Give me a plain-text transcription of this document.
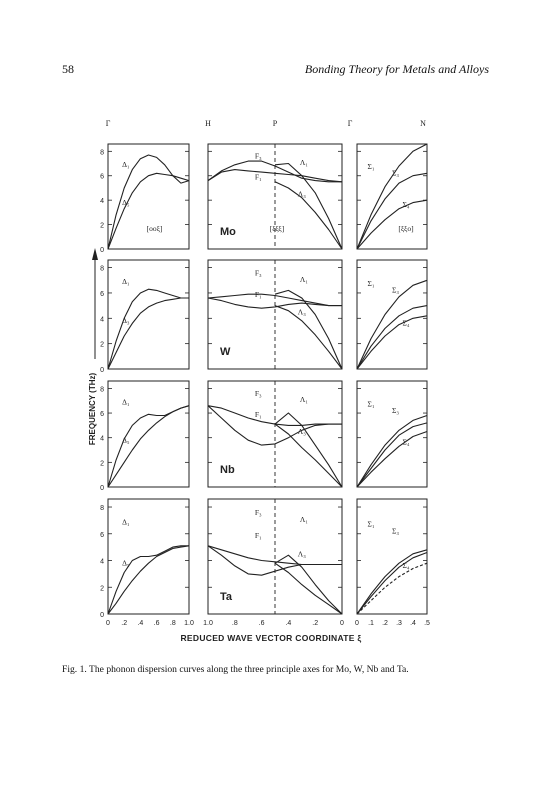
58	Bonding Theory for Metals and Alloys
Γ	H	P	Γ	N
0
2
4
6
8
Δ₁
Δ₅
F₃
F₁
Λ₁
Λ₃
Σ₁
Σ₃
Σ₄
Mo
[ooξ]	[ξξξ]	[ξξo]
0
2
4
6
8
Δ₁
Δ₃
F₃
F₁
Λ₁
Λ₃
Σ₁
Σ₃
Σ₄
W
0
2
4
6
8
Δ₁
Δ₅
F₃
F₁
Λ₁
Λ₃
Σ₁
Σ₃
Σ₄
Nb
0
2
4
6
8
Δ₁
Δ₅
F₃
F₁
Λ₁
Λ₃
Σ₁
Σ₃
Σ₄
Ta
0 .2 .4 .6 .8 1.0 1.0	.8	.6	.4	.2	0 0 .1 .2 .3 .4 .5
REDUCED WAVE VECTOR COORDINATE ξ
FREQUENCY (THz)
Fig. 1. The phonon dispersion curves along the three principle axes for Mo, W, Nb and Ta.
